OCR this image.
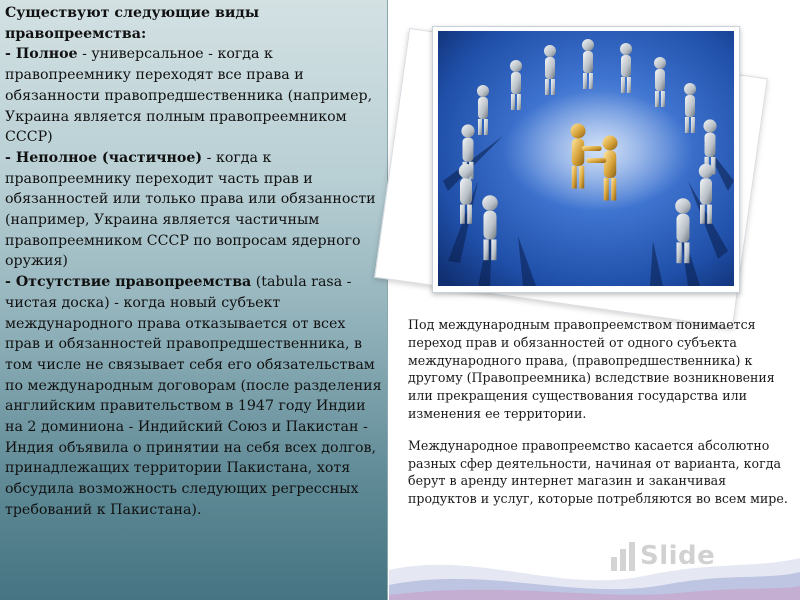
Существуют следующие виды правопреемства:
- Полное - универсальное - когда к правопреемнику переходят все права и обязанности правопредшественника (например, Украина является полным правопреемником СССР)
- Неполное (частичное) - когда к правопреемнику переходит часть прав и обязанностей или только права или обязанности (например, Украина является частичным правопреемником СССР по вопросам ядерного оружия)
- Отсутствие правопреемства (tabula rasa - чистая доска) - когда новый субъект международного права отказывается от всех прав и обязанностей правопредшественника, в том числе не связывает себя его обязательствам по международным договорам (после разделения английским правительством в 1947 году Индии на 2 доминиона - Индийский Союз и Пакистан - Индия объявила о принятии на себя всех долгов, принадлежащих территории Пакистана, хотя обсудила возможность следующих регрессных требований к Пакистана).

Под международным правопреемством понимается переход прав и обязанностей от одного субъекта международного права, (правопредшественника) к другому (Правопреемника) вследствие возникновения или прекращения существования государства или изменения ее территории.

Международное правопреемство касается абсолютно разных сфер деятельности, начиная от варианта, когда берут в аренду интернет магазин и заканчивая продуктов и услуг, которые потребляются во всем мире.

Slide
